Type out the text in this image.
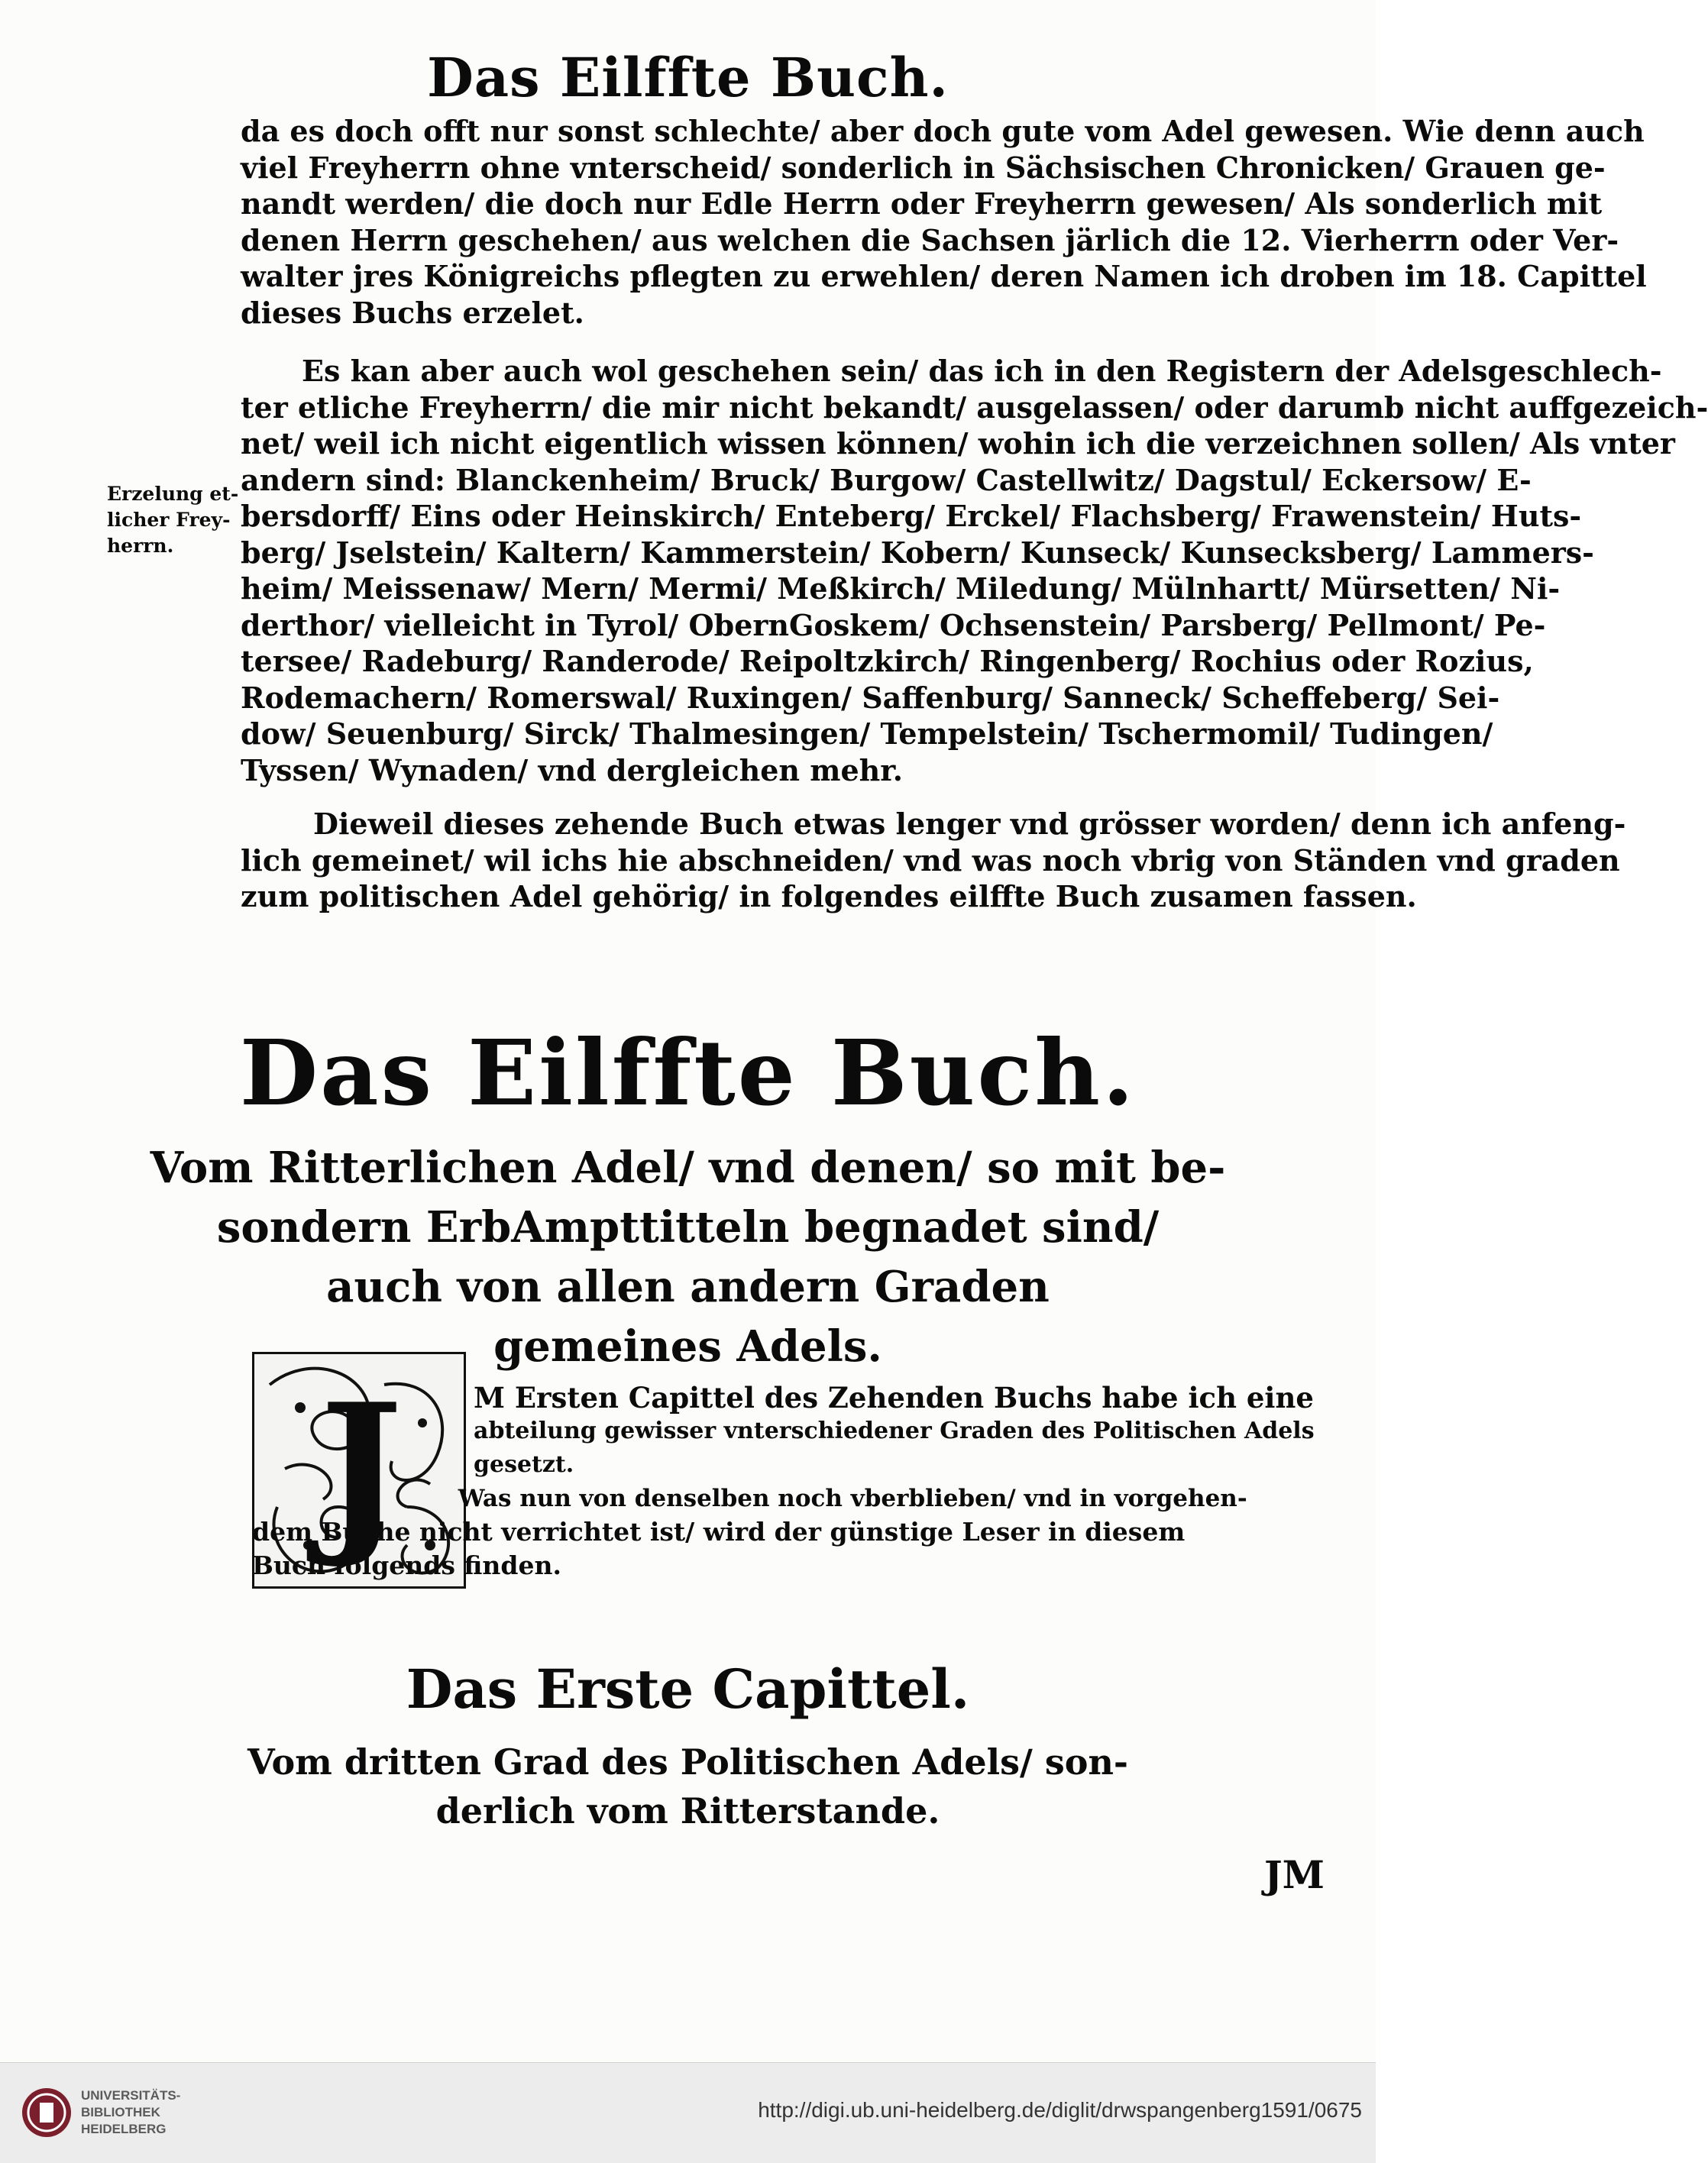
Das Eilffte Buch.
da es doch offt nur sonst schlechte/ aber doch gute vom Adel gewesen. Wie denn auch
viel Freyherrn ohne vnterscheid/ sonderlich in Sächsischen Chronicken/ Grauen ge-
nandt werden/ die doch nur Edle Herrn oder Freyherrn gewesen/ Als sonderlich mit
denen Herrn geschehen/ aus welchen die Sachsen järlich die 12. Vierherrn oder Ver-
walter jres Königreichs pflegten zu erwehlen/ deren Namen ich droben im 18. Capittel
dieses Buchs erzelet.
Es kan aber auch wol geschehen sein/ das ich in den Registern der Adelsgeschlech-
ter etliche Freyherrn/ die mir nicht bekandt/ ausgelassen/ oder darumb nicht auffgezeich-
net/ weil ich nicht eigentlich wissen können/ wohin ich die verzeichnen sollen/ Als vnter
andern sind: Blanckenheim/ Bruck/ Burgow/ Castellwitz/ Dagstul/ Eckersow/ E-
bersdorff/ Eins oder Heinskirch/ Enteberg/ Erckel/ Flachsberg/ Frawenstein/ Huts-
berg/ Jselstein/ Kaltern/ Kammerstein/ Kobern/ Kunseck/ Kunsecksberg/ Lammers-
heim/ Meissenaw/ Mern/ Mermi/ Meßkirch/ Miledung/ Mülnhartt/ Mürsetten/ Ni-
derthor/ vielleicht in Tyrol/ ObernGoskem/ Ochsenstein/ Parsberg/ Pellmont/ Pe-
tersee/ Radeburg/ Randerode/ Reipoltzkirch/ Ringenberg/ Rochius oder Rozius,
Rodemachern/ Romerswal/ Ruxingen/ Saffenburg/ Sanneck/ Scheffeberg/ Sei-
dow/ Seuenburg/ Sirck/ Thalmesingen/ Tempelstein/ Tschermomil/ Tudingen/
Tyssen/ Wynaden/ vnd dergleichen mehr.
Erzelung et-
licher Frey-
herrn.
Dieweil dieses zehende Buch etwas lenger vnd grösser worden/ denn ich anfeng-
lich gemeinet/ wil ichs hie abschneiden/ vnd was noch vbrig von Ständen vnd graden
zum politischen Adel gehörig/ in folgendes eilffte Buch zusamen fassen.
Das Eilffte Buch.
Vom Ritterlichen Adel/ vnd denen/ so mit be-
sondern ErbAmpttitteln begnadet sind/
auch von allen andern Graden
gemeines Adels.
J	M Ersten Capittel des Zehenden Buchs habe ich eine
abteilung gewisser vnterschiedener Graden des Politischen Adels
gesetzt.
Was nun von denselben noch vberblieben/ vnd in vorgehen-
dem Buche nicht verrichtet ist/ wird der günstige Leser in diesem
Buch folgends finden.
Das Erste Capittel.
Vom dritten Grad des Politischen Adels/ son-
derlich vom Ritterstande.
JM
UNIVERSITÄTS-
BIBLIOTHEK
HEIDELBERG
http://digi.ub.uni-heidelberg.de/diglit/drwspangenberg1591/0675
